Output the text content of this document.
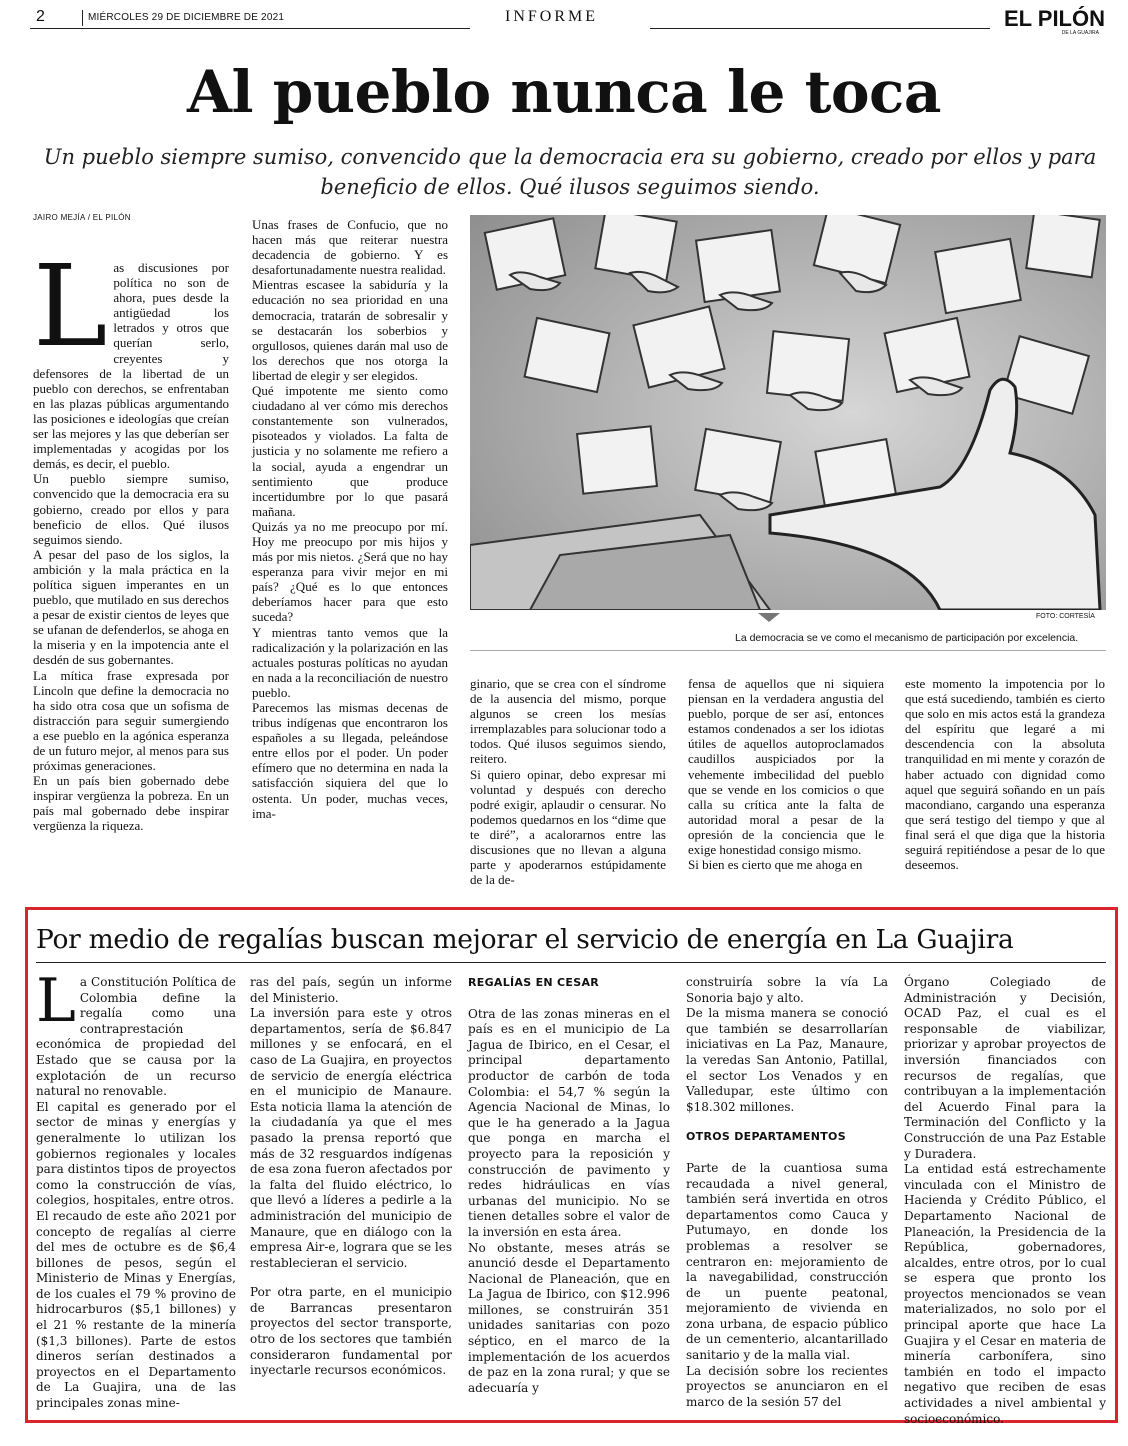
2	MIÉRCOLES 29 DE DICIEMBRE DE 2021	INFORME	EL PILÓN
DE LA GUAJIRA
Al pueblo nunca le toca
Un pueblo siempre sumiso, convencido que la democracia era su gobierno, creado por ellos y para beneficio de ellos. Qué ilusos seguimos siendo.
JAIRO MEJÍA / EL PILÓN
L as discusiones por política no son de ahora, pues desde la antigüedad los letrados y otros que querían serlo, creyentes y defensores de la libertad de un pueblo con derechos, se enfrentaban en las plazas públicas argumentando las posiciones e ideologías que creían ser las mejores y las que deberían ser implementadas y acogidas por los demás, es decir, el pueblo.

Un pueblo siempre sumiso, convencido que la democracia era su gobierno, creado por ellos y para beneficio de ellos. Qué ilusos seguimos siendo.

A pesar del paso de los siglos, la ambición y la mala práctica en la política siguen imperantes en un pueblo, que mutilado en sus derechos a pesar de existir cientos de leyes que se ufanan de defenderlos, se ahoga en la miseria y en la impotencia ante el desdén de sus gobernantes.

La mítica frase expresada por Lincoln que define la democracia no ha sido otra cosa que un sofisma de distracción para seguir sumergiendo a ese pueblo en la agónica esperanza de un futuro mejor, al menos para sus próximas generaciones.

En un país bien gobernado debe inspirar vergüenza la pobreza. En un país mal gobernado debe inspirar vergüenza la riqueza.

Unas frases de Confucio, que no hacen más que reiterar nuestra decadencia de gobierno. Y es desafortunadamente nuestra realidad.

Mientras escasee la sabiduría y la educación no sea prioridad en una democracia, tratarán de sobresalir y se destacarán los soberbios y orgullosos, quienes darán mal uso de los derechos que nos otorga la libertad de elegir y ser elegidos.

Qué impotente me siento como ciudadano al ver cómo mis derechos constantemente son vulnerados, pisoteados y violados. La falta de justicia y no solamente me refiero a la social, ayuda a engendrar un sentimiento que produce incertidumbre por lo que pasará mañana.

Quizás ya no me preocupo por mí. Hoy me preocupo por mis hijos y más por mis nietos. ¿Será que no hay esperanza para vivir mejor en mi país? ¿Qué es lo que entonces deberíamos hacer para que esto suceda?

Y mientras tanto vemos que la radicalización y la polarización en las actuales posturas políticas no ayudan en nada a la reconciliación de nuestro pueblo.

Parecemos las mismas decenas de tribus indígenas que encontraron los españoles a su llegada, peleándose entre ellos por el poder. Un poder efímero que no determina en nada la satisfacción siquiera del que lo ostenta. Un poder, muchas veces, ima-

FOTO: CORTESÍA
La democracia se ve como el mecanismo de participación por excelencia.

ginario, que se crea con el síndrome de la ausencia del mismo, porque algunos se creen los mesías irremplazables para solucionar todo a todos. Qué ilusos seguimos siendo, reitero.

Si quiero opinar, debo expresar mi voluntad y después con derecho podré exigir, aplaudir o censurar. No podemos quedarnos en los “dime que te diré”, a acalorarnos entre las discusiones que no llevan a alguna parte y apoderarnos estúpidamente de la de-

fensa de aquellos que ni siquiera piensan en la verdadera angustia del pueblo, porque de ser así, entonces estamos condenados a ser los idiotas útiles de aquellos autoproclamados caudillos auspiciados por la vehemente imbecilidad del pueblo que se vende en los comicios o que calla su crítica ante la falta de autoridad moral a pesar de la opresión de la conciencia que le exige honestidad consigo mismo.

Si bien es cierto que me ahoga en

este momento la impotencia por lo que está sucediendo, también es cierto que solo en mis actos está la grandeza del espíritu que legaré a mi descendencia con la absoluta tranquilidad en mi mente y corazón de haber actuado con dignidad como aquel que seguirá soñando en un país macondiano, cargando una esperanza que será testigo del tiempo y que al final será el que diga que la historia seguirá repitiéndose a pesar de lo que deseemos.

Por medio de regalías buscan mejorar el servicio de energía en La Guajira
L a Constitución Política de Colombia define la regalía como una contraprestación económica de propiedad del Estado que se causa por la explotación de un recurso natural no renovable.

El capital es generado por el sector de minas y energías y generalmente lo utilizan los gobiernos regionales y locales para distintos tipos de proyectos como la construcción de vías, colegios, hospitales, entre otros.

El recaudo de este año 2021 por concepto de regalías al cierre del mes de octubre es de $6,4 billones de pesos, según el Ministerio de Minas y Energías, de los cuales el 79 % provino de hidrocarburos ($5,1 billones) y el 21 % restante de la minería ($1,3 billones). Parte de estos dineros serían destinados a proyectos en el Departamento de La Guajira, una de las principales zonas mine-

ras del país, según un informe del Ministerio.

La inversión para este y otros departamentos, sería de $6.847 millones y se enfocará, en el caso de La Guajira, en proyectos de servicio de energía eléctrica en el municipio de Manaure. Esta noticia llama la atención de la ciudadanía ya que el mes pasado la prensa reportó que más de 32 resguardos indígenas de esa zona fueron afectados por la falta del fluido eléctrico, lo que llevó a líderes a pedirle a la administración del municipio de Manaure, que en diálogo con la empresa Air-e, lograra que se les restablecieran el servicio.

Por otra parte, en el municipio de Barrancas presentaron proyectos del sector transporte, otro de los sectores que también consideraron fundamental por inyectarle recursos económicos.

REGALÍAS EN CESAR

Otra de las zonas mineras en el país es en el municipio de La Jagua de Ibirico, en el Cesar, el principal departamento productor de carbón de toda Colombia: el 54,7 % según la Agencia Nacional de Minas, lo que le ha generado a la Jagua que ponga en marcha el proyecto para la reposición y construcción de pavimento y redes hidráulicas en vías urbanas del municipio. No se tienen detalles sobre el valor de la inversión en esta área.

No obstante, meses atrás se anunció desde el Departamento Nacional de Planeación, que en La Jagua de Ibirico, con $12.996 millones, se construirán 351 unidades sanitarias con pozo séptico, en el marco de la implementación de los acuerdos de paz en la zona rural; y que se adecuaría y

construiría sobre la vía La Sonoria bajo y alto.

De la misma manera se conoció que también se desarrollarían iniciativas en La Paz, Manaure, la veredas San Antonio, Patillal, el sector Los Venados y en Valledupar, este último con $18.302 millones.

OTROS DEPARTAMENTOS

Parte de la cuantiosa suma recaudada a nivel general, también será invertida en otros departamentos como Cauca y Putumayo, en donde los problemas a resolver se centraron en: mejoramiento de la navegabilidad, construcción de un puente peatonal, mejoramiento de vivienda en zona urbana, de espacio público de un cementerio, alcantarillado sanitario y de la malla vial.

La decisión sobre los recientes proyectos se anunciaron en el marco de la sesión 57 del

Órgano Colegiado de Administración y Decisión, OCAD Paz, el cual es el responsable de viabilizar, priorizar y aprobar proyectos de inversión financiados con recursos de regalías, que contribuyan a la implementación del Acuerdo Final para la Terminación del Conflicto y la Construcción de una Paz Estable y Duradera.

La entidad está estrechamente vinculada con el Ministro de Hacienda y Crédito Público, el Departamento Nacional de Planeación, la Presidencia de la República, gobernadores, alcaldes, entre otros, por lo cual se espera que pronto los proyectos mencionados se vean materializados, no solo por el principal aporte que hace La Guajira y el Cesar en materia de minería carbonífera, sino también en todo el impacto negativo que reciben de esas actividades a nivel ambiental y socioeconómico.
